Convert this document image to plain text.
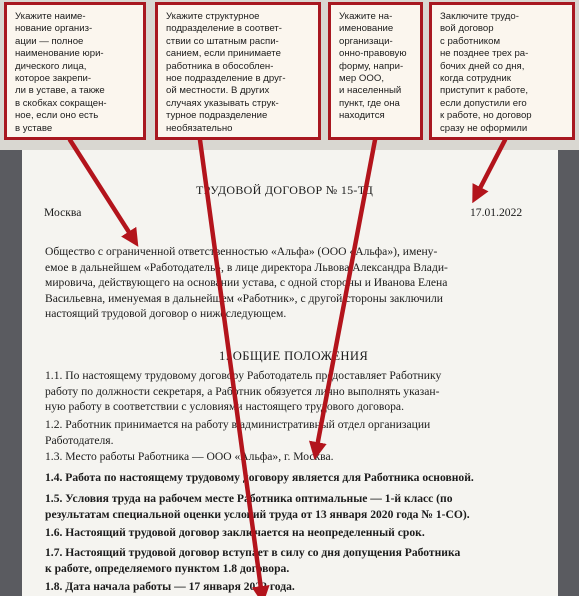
Укажите наиме-
нование организ-
ации — полное
наименование юри-
дического лица,
которое закрепи-
ли в уставе, а также
в скобках сокращен-
ное, если оно есть
в уставе
Укажите структурное
подразделение в соответ-
ствии со штатным распи-
санием, если принимаете
работника в обособлен-
ное подразделение в друг-
ой местности. В других
случаях указывать струк-
турное подразделение
необязательно
Укажите на-
именование
организаци-
онно-правовую
форму, напри-
мер ООО,
и населенный
пункт, где она
находится
Заключите трудо-
вой договор
с работником
не позднее трех ра-
бочих дней со дня,
когда сотрудник
приступит к работе,
если допустили его
к работе, но договор
сразу не оформили
ТРУДОВОЙ ДОГОВОР № 15-ТД
Москва	17.01.2022
Общество с ограниченной ответственностью «Альфа» (ООО «Альфа»), имену-
емое в дальнейшем «Работодатель», в лице директора Львова Александра Влади-
мировича, действующего на основании устава, с одной стороны и Иванова Елена
Васильевна, именуемая в дальнейшем «Работник», с другой стороны заключили
настоящий трудовой договор о нижеследующем.
1. ОБЩИЕ ПОЛОЖЕНИЯ
1.1. По настоящему трудовому договору Работодатель предоставляет Работнику
работу по должности секретаря, а Работник обязуется лично выполнять указан-
ную работу в соответствии с условиями настоящего трудового договора.
1.2. Работник принимается на работу в административный отдел организации
Работодателя.
1.3. Место работы Работника — ООО «Альфа», г. Москва.
1.4. Работа по настоящему трудовому договору является для Работника основной.
1.5. Условия труда на рабочем месте Работника оптимальные — 1-й класс (по
результатам специальной оценки условий труда от 13 января 2020 года № 1-СО).
1.6. Настоящий трудовой договор заключается на неопределенный срок.
1.7. Настоящий трудовой договор вступает в силу со дня допущения Работника
к работе, определяемого пунктом 1.8 договора.
1.8. Дата начала работы — 17 января 2022 года.
